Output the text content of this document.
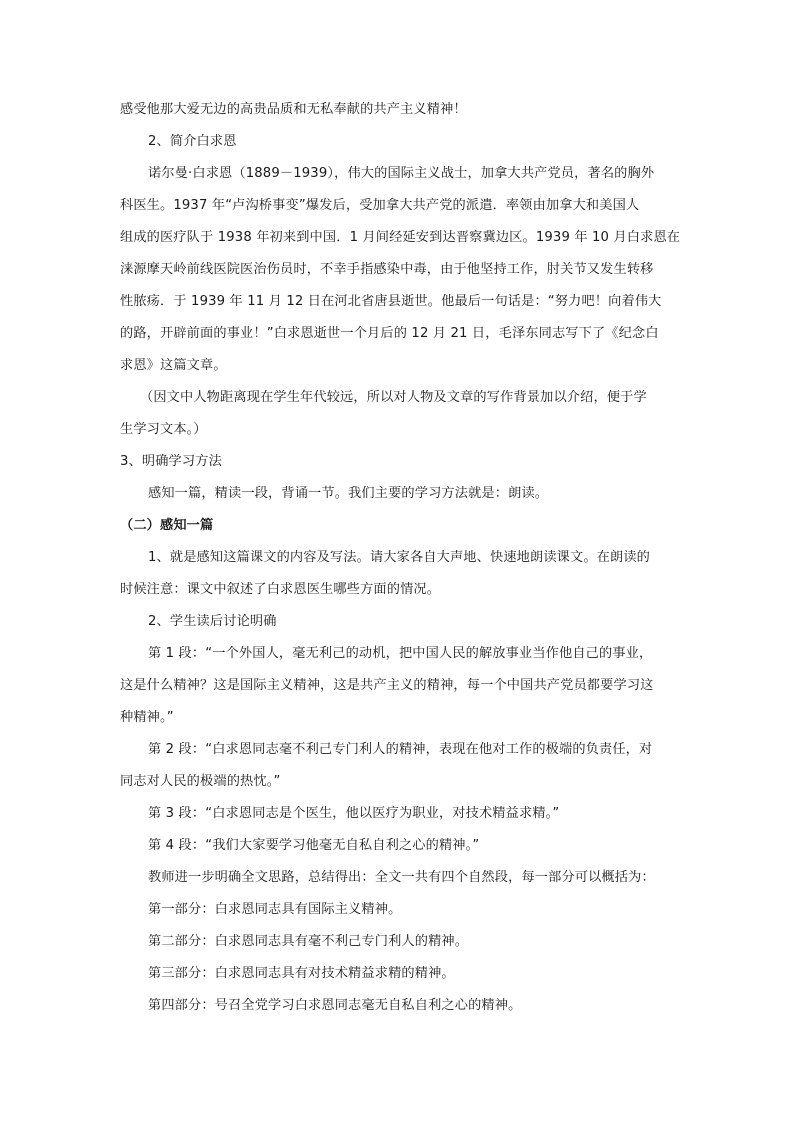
感受他那大爱无边的高贵品质和无私奉献的共产主义精神！
2、简介白求恩
诺尔曼·白求恩（1889－1939），伟大的国际主义战士，加拿大共产党员，著名的胸外
科医生。1937 年“卢沟桥事变”爆发后，受加拿大共产党的派遣．率领由加拿大和美国人
组成的医疗队于 1938 年初来到中国．1 月间经延安到达晋察冀边区。1939 年 10 月白求恩在
涞源摩天岭前线医院医治伤员时，不幸手指感染中毒，由于他坚持工作，肘关节又发生转移
性脓疡．于 1939 年 11 月 12 日在河北省唐县逝世。他最后一句话是：“努力吧！向着伟大
的路，开辟前面的事业！”白求恩逝世一个月后的 12 月 21 日，毛泽东同志写下了《纪念白
求恩》这篇文章。
（因文中人物距离现在学生年代较远，所以对人物及文章的写作背景加以介绍，便于学
生学习文本。）
3、明确学习方法
感知一篇，精读一段，背诵一节。我们主要的学习方法就是：朗读。
（二）感知一篇
1、就是感知这篇课文的内容及写法。请大家各自大声地、快速地朗读课文。在朗读的
时候注意：课文中叙述了白求恩医生哪些方面的情况。
2、学生读后讨论明确
第 1 段：“一个外国人，毫无利己的动机，把中国人民的解放事业当作他自己的事业，
这是什么精神？这是国际主义精神，这是共产主义的精神，每一个中国共产党员都要学习这
种精神。”
第 2 段：“白求恩同志毫不利己专门利人的精神，表现在他对工作的极端的负责任，对
同志对人民的极端的热忱。”
第 3 段：“白求恩同志是个医生，他以医疗为职业，对技术精益求精。”
第 4 段：“我们大家要学习他毫无自私自利之心的精神。”
教师进一步明确全文思路，总结得出：全文一共有四个自然段，每一部分可以概括为：
第一部分：白求恩同志具有国际主义精神。
第二部分：白求恩同志具有毫不利己专门利人的精神。
第三部分：白求恩同志具有对技术精益求精的精神。
第四部分：号召全党学习白求恩同志毫无自私自利之心的精神。
